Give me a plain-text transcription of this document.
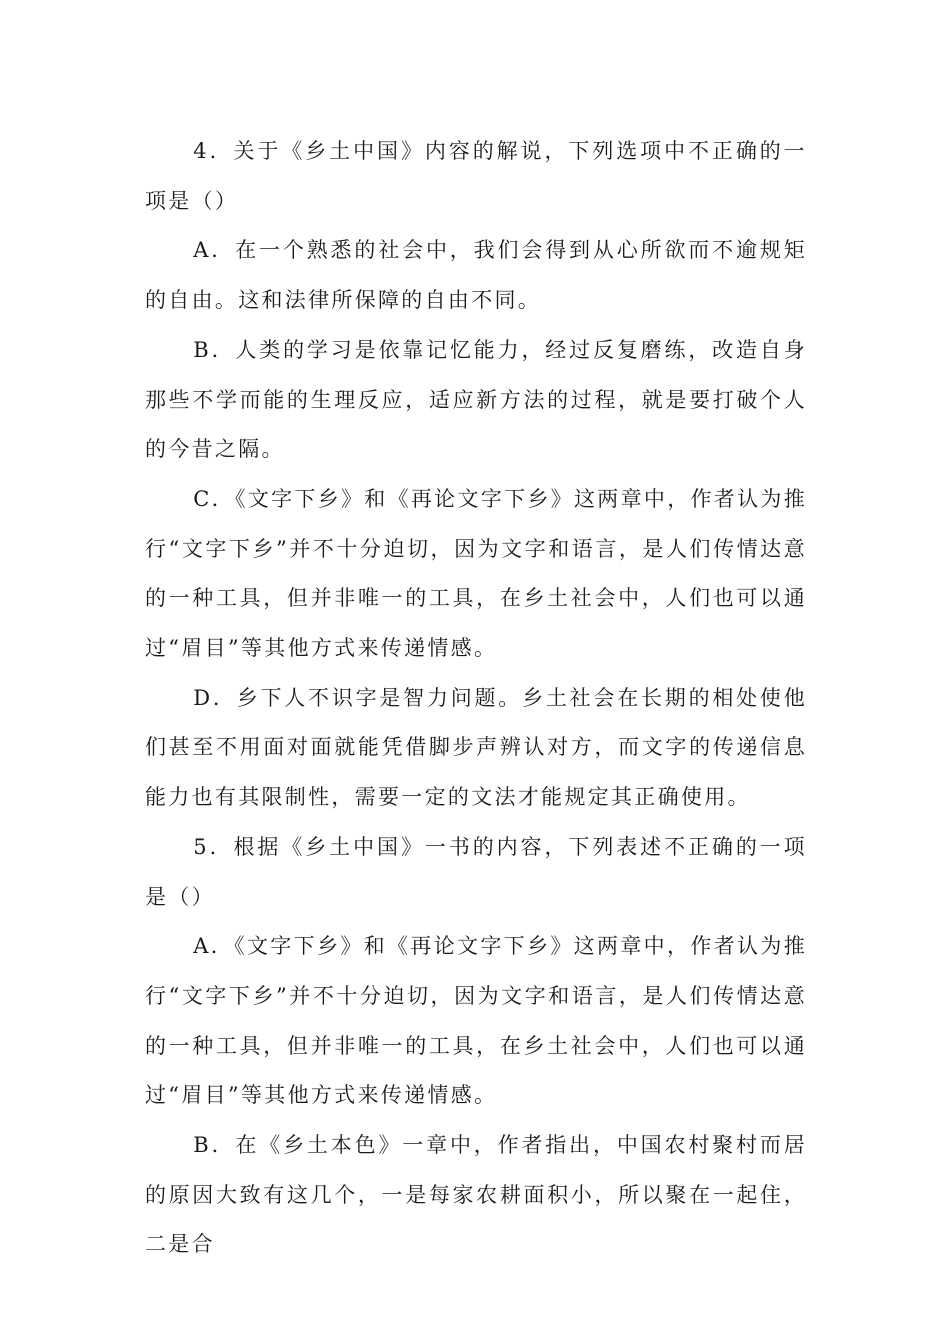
4．关于《乡土中国》内容的解说，下列选项中不正确的一项是（）

A．在一个熟悉的社会中，我们会得到从心所欲而不逾规矩的自由。这和法律所保障的自由不同。

B．人类的学习是依靠记忆能力，经过反复磨练，改造自身那些不学而能的生理反应，适应新方法的过程，就是要打破个人的今昔之隔。

C．《文字下乡》和《再论文字下乡》这两章中，作者认为推行“文字下乡”并不十分迫切，因为文字和语言，是人们传情达意的一种工具，但并非唯一的工具，在乡土社会中，人们也可以通过“眉目”等其他方式来传递情感。

D．乡下人不识字是智力问题。乡土社会在长期的相处使他们甚至不用面对面就能凭借脚步声辨认对方，而文字的传递信息能力也有其限制性，需要一定的文法才能规定其正确使用。

5．根据《乡土中国》一书的内容，下列表述不正确的一项是（）

A．《文字下乡》和《再论文字下乡》这两章中，作者认为推行“文字下乡”并不十分迫切，因为文字和语言，是人们传情达意的一种工具，但并非唯一的工具，在乡土社会中，人们也可以通过“眉目”等其他方式来传递情感。

B．在《乡土本色》一章中，作者指出，中国农村聚村而居的原因大致有这几个，一是每家农耕面积小，所以聚在一起住，二是合
